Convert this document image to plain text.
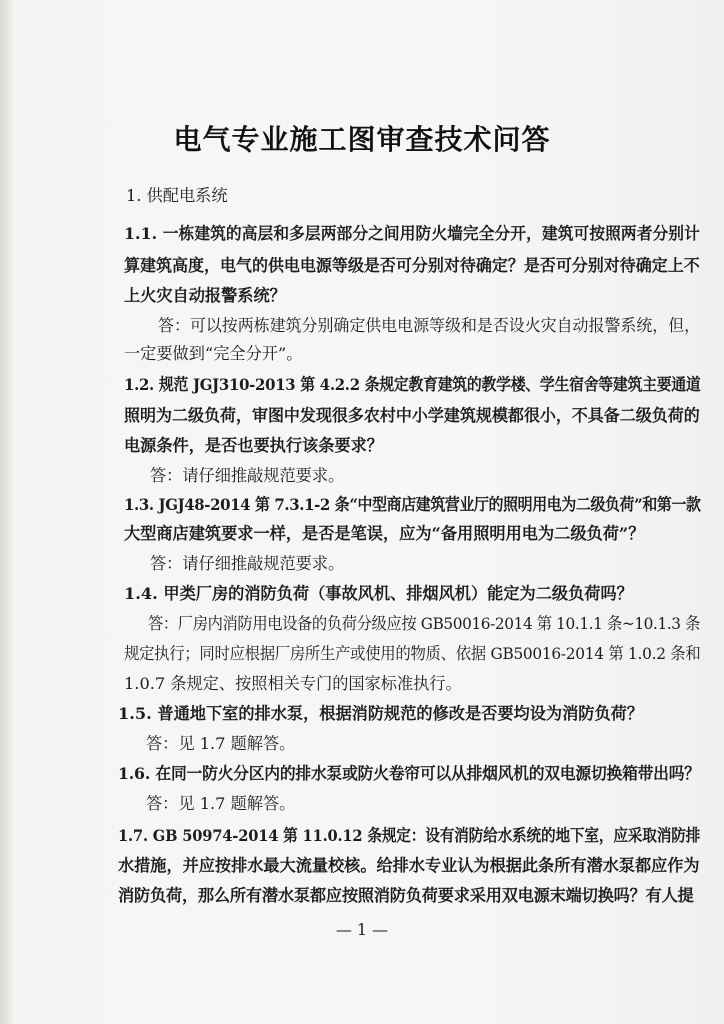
电气专业施工图审查技术问答
1. 供配电系统
1.1. 一栋建筑的高层和多层两部分之间用防火墙完全分开，建筑可按照两者分别计
算建筑高度，电气的供电电源等级是否可分别对待确定？是否可分别对待确定上不
上火灾自动报警系统？
答：可以按两栋建筑分别确定供电电源等级和是否设火灾自动报警系统，但，
一定要做到“完全分开”。
1.2. 规范 JGJ310-2013 第 4.2.2 条规定教育建筑的教学楼、学生宿舍等建筑主要通道
照明为二级负荷，审图中发现很多农村中小学建筑规模都很小，不具备二级负荷的
电源条件，是否也要执行该条要求？
答：请仔细推敲规范要求。
1.3. JGJ48-2014 第 7.3.1-2 条“中型商店建筑营业厅的照明用电为二级负荷”和第一款
大型商店建筑要求一样，是否是笔误，应为“备用照明用电为二级负荷”？
答：请仔细推敲规范要求。
1.4. 甲类厂房的消防负荷（事故风机、排烟风机）能定为二级负荷吗？
答：厂房内消防用电设备的负荷分级应按 GB50016-2014 第 10.1.1 条~10.1.3 条
规定执行；同时应根据厂房所生产或使用的物质、依据 GB50016-2014 第 1.0.2 条和
1.0.7 条规定、按照相关专门的国家标准执行。
1.5. 普通地下室的排水泵，根据消防规范的修改是否要均设为消防负荷？
答：见 1.7 题解答。
1.6. 在同一防火分区内的排水泵或防火卷帘可以从排烟风机的双电源切换箱带出吗？
答：见 1.7 题解答。
1.7. GB 50974-2014 第 11.0.12 条规定：设有消防给水系统的地下室，应采取消防排
水措施，并应按排水最大流量校核。给排水专业认为根据此条所有潜水泵都应作为
消防负荷，那么所有潜水泵都应按照消防负荷要求采用双电源末端切换吗？有人提
— 1 —
